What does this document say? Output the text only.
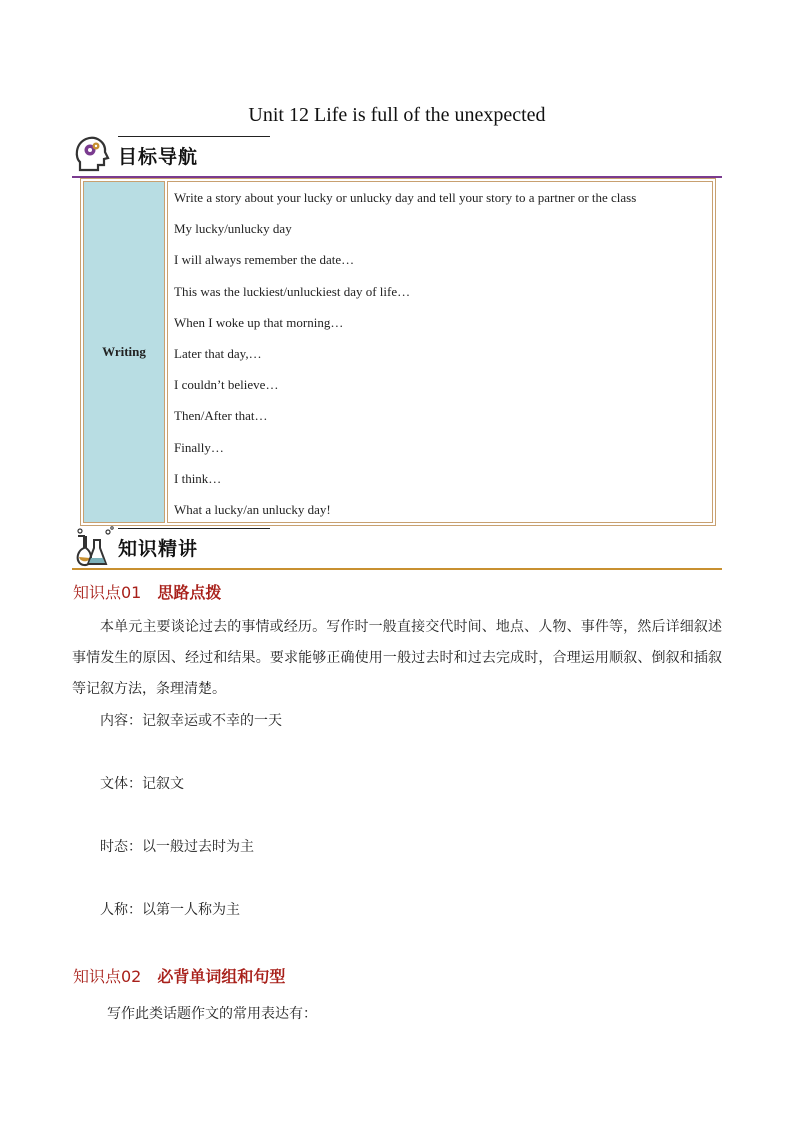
Unit 12 Life is full of the unexpected
目标导航
Writing
Write a story about your lucky or unlucky day and tell your story to a partner or the class
My lucky/unlucky day
I will always remember the date…
This was the luckiest/unluckiest day of life…
When I woke up that morning…
Later that day,…
I couldn’t believe…
Then/After that…
Finally…
I think…
What a lucky/an unlucky day!
知识精讲
知识点01 思路点拨
本单元主要谈论过去的事情或经历。写作时一般直接交代时间、地点、人物、事件等，然后详细叙述事情发生的原因、经过和结果。要求能够正确使用一般过去时和过去完成时，合理运用顺叙、倒叙和插叙等记叙方法，条理清楚。
内容：记叙幸运或不幸的一天
文体：记叙文
时态：以一般过去时为主
人称：以第一人称为主
知识点02 必背单词组和句型
写作此类话题作文的常用表达有：
